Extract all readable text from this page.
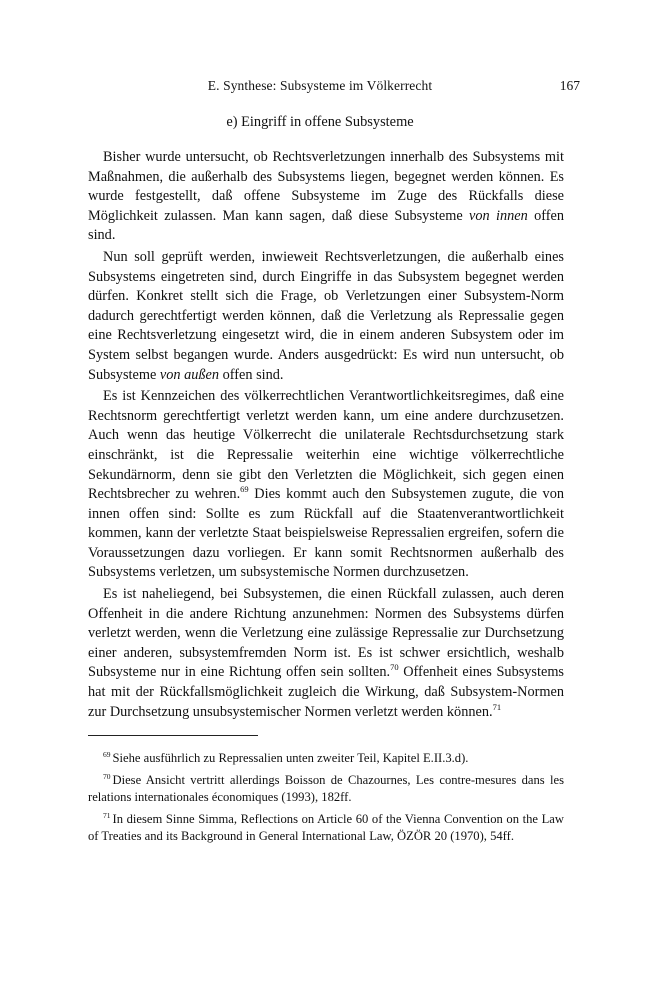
E. Synthese: Subsysteme im Völkerrecht	167
e) Eingriff in offene Subsysteme

Bisher wurde untersucht, ob Rechtsverletzungen innerhalb des Subsystems mit Maßnahmen, die außerhalb des Subsystems liegen, begegnet werden können. Es wurde festgestellt, daß offene Subsysteme im Zuge des Rückfalls diese Möglichkeit zulassen. Man kann sagen, daß diese Subsysteme von innen offen sind.

Nun soll geprüft werden, inwieweit Rechtsverletzungen, die außerhalb eines Subsystems eingetreten sind, durch Eingriffe in das Subsystem begegnet werden dürfen. Konkret stellt sich die Frage, ob Verletzungen einer Subsystem-Norm dadurch gerechtfertigt werden können, daß die Verletzung als Repressalie gegen eine Rechtsverletzung eingesetzt wird, die in einem anderen Subsystem oder im System selbst begangen wurde. Anders ausgedrückt: Es wird nun untersucht, ob Subsysteme von außen offen sind.

Es ist Kennzeichen des völkerrechtlichen Verantwortlichkeitsregimes, daß eine Rechtsnorm gerechtfertigt verletzt werden kann, um eine andere durchzusetzen. Auch wenn das heutige Völkerrecht die unilaterale Rechtsdurchsetzung stark einschränkt, ist die Repressalie weiterhin eine wichtige völkerrechtliche Sekundärnorm, denn sie gibt den Verletzten die Möglichkeit, sich gegen einen Rechtsbrecher zu wehren.$^{69}$ Dies kommt auch den Subsystemen zugute, die von innen offen sind: Sollte es zum Rückfall auf die Staatenverantwortlichkeit kommen, kann der verletzte Staat beispielsweise Repressalien ergreifen, sofern die Voraussetzungen dazu vorliegen. Er kann somit Rechtsnormen außerhalb des Subsystems verletzen, um subsystemische Normen durchzusetzen.

Es ist naheliegend, bei Subsystemen, die einen Rückfall zulassen, auch deren Offenheit in die andere Richtung anzunehmen: Normen des Subsystems dürfen verletzt werden, wenn die Verletzung eine zulässige Repressalie zur Durchsetzung einer anderen, subsystemfremden Norm ist. Es ist schwer ersichtlich, weshalb Subsysteme nur in eine Richtung offen sein sollten.$^{70}$ Offenheit eines Subsystems hat mit der Rückfallsmöglichkeit zugleich die Wirkung, daß Subsystem-Normen zur Durchsetzung unsubsystemischer Normen verletzt werden können.$^{71}$

$^{69}$ Siehe ausführlich zu Repressalien unten zweiter Teil, Kapitel E.II.3.d).

$^{70}$ Diese Ansicht vertritt allerdings Boisson de Chazournes, Les contre-mesures dans les relations internationales économiques (1993), 182ff.

$^{71}$ In diesem Sinne Simma, Reflections on Article 60 of the Vienna Convention on the Law of Treaties and its Background in General International Law, ÖZÖR 20 (1970), 54ff.
